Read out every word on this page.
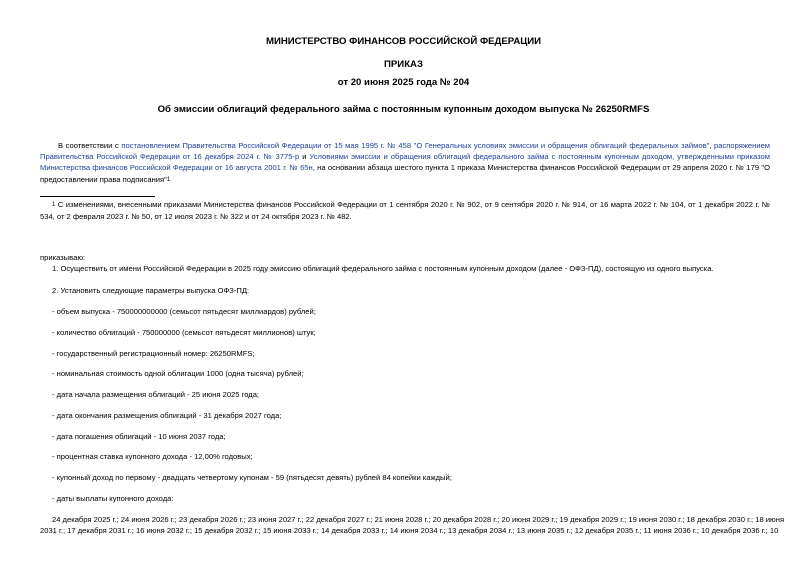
МИНИСТЕРСТВО ФИНАНСОВ РОССИЙСКОЙ ФЕДЕРАЦИИ
ПРИКАЗ
от 20 июня 2025 года № 204
Об эмиссии облигаций федерального займа с постоянным купонным доходом выпуска № 26250RMFS
В соответствии с постановлением Правительства Российской Федерации от 15 мая 1995 г. № 458 "О Генеральных условиях эмиссии и обращения облигаций федеральных займов", распоряжением Правительства Российской Федерации от 16 декабря 2024 г. № 3775-р и Условиями эмиссии и обращения облигаций федерального займа с постоянным купонным доходом, утвержденными приказом Министерства финансов Российской Федерации от 16 августа 2001 г. № 65н, на основании абзаца шестого пункта 1 приказа Министерства финансов Российской Федерации от 29 апреля 2020 г. № 179 "О предоставлении права подписания"1
1 С изменениями, внесенными приказами Министерства финансов Российской Федерации от 1 сентября 2020 г. № 902, от 9 сентября 2020 г. № 914, от 16 марта 2022 г. № 104, от 1 декабря 2022 г. № 534, от 2 февраля 2023 г. № 50, от 12 июля 2023 г. № 322 и от 24 октября 2023 г. № 482.
приказываю:
1. Осуществить от имени Российской Федерации в 2025 году эмиссию облигаций федерального займа с постоянным купонным доходом (далее - ОФЗ-ПД), состоящую из одного выпуска.
2. Установить следующие параметры выпуска ОФЗ-ПД:
- объем выпуска - 750000000000 (семьсот пятьдесят миллиардов) рублей;
- количество облигаций - 750000000 (семьсот пятьдесят миллионов) штук;
- государственный регистрационный номер: 26250RMFS;
- номинальная стоимость одной облигации 1000 (одна тысяча) рублей;
- дата начала размещения облигаций - 25 июня 2025 года;
- дата окончания размещения облигаций - 31 декабря 2027 года;
- дата погашения облигаций - 10 июня 2037 года;
- процентная ставка купонного дохода - 12,00% годовых;
- купонный доход по первому - двадцать четвертому купонам - 59 (пятьдесят девять) рублей 84 копейки каждый;
- даты выплаты купонного дохода:
24 декабря 2025 г.; 24 июня 2026 г.; 23 декабря 2026 г.; 23 июня 2027 г.; 22 декабря 2027 г.; 21 июня 2028 г.; 20 декабря 2028 г.; 20 июня 2029 г.; 19 декабря 2029 г.; 19 июня 2030 г.; 18 декабря 2030 г.; 18 июня
2031 г.; 17 декабря 2031 г.; 16 июня 2032 г.; 15 декабря 2032 г.; 15 июня 2033 г.; 14 декабря 2033 г.; 14 июня 2034 г.; 13 декабря 2034 г.; 13 июня 2035 г.; 12 декабря 2035 г.; 11 июня 2036 г.; 10 декабря 2036 г.; 10
